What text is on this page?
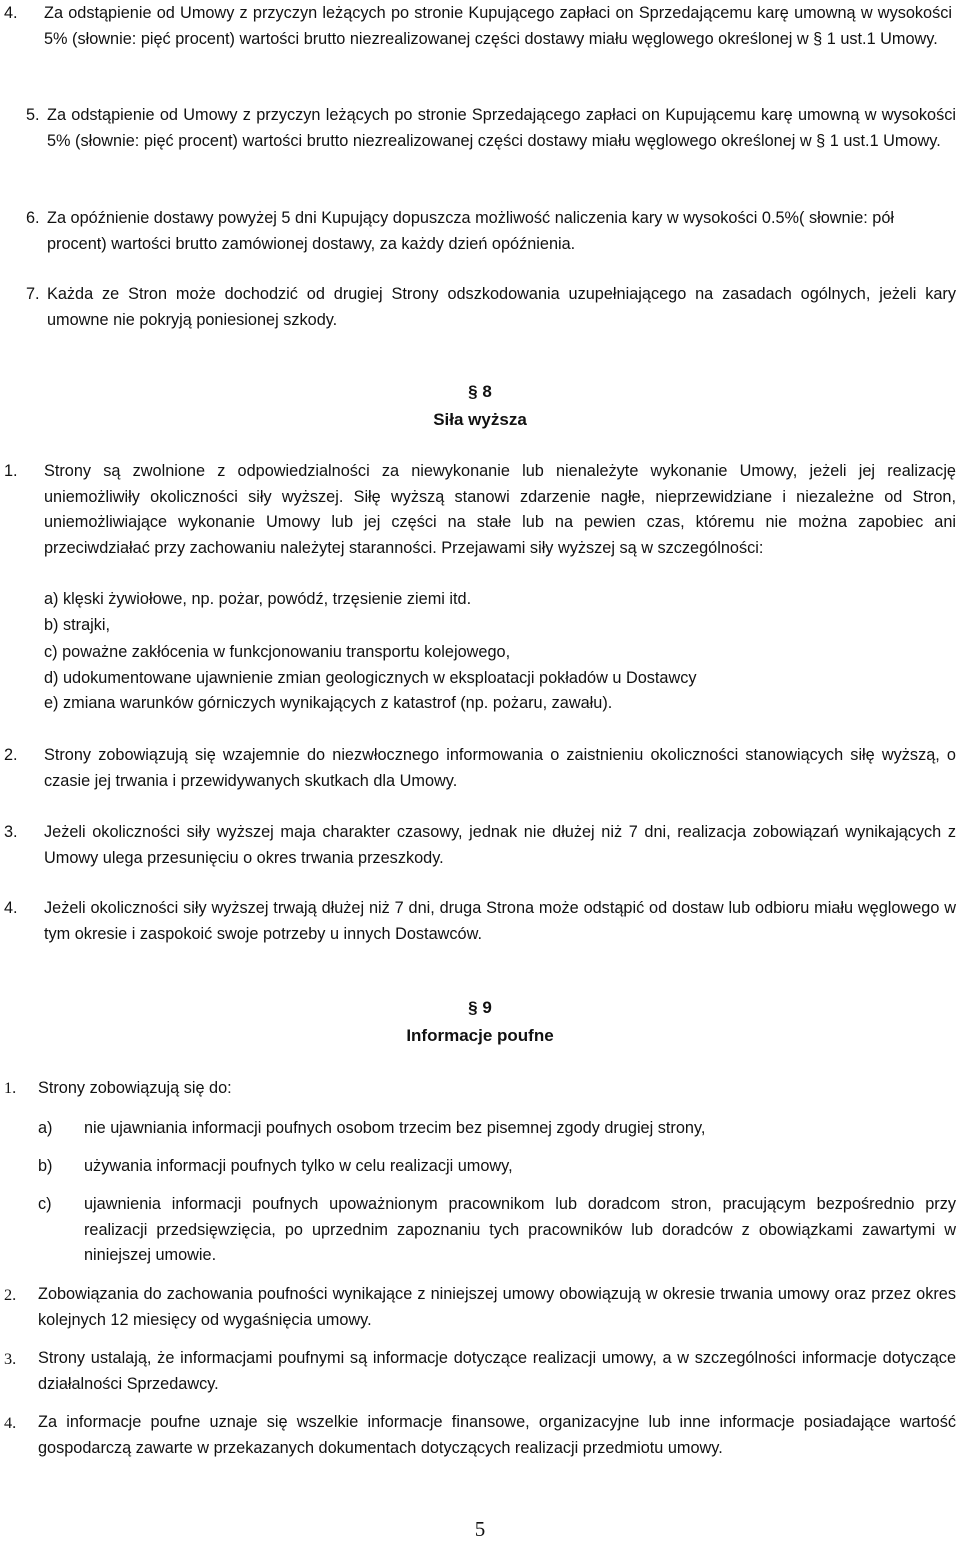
4. Za odstąpienie od Umowy z przyczyn leżących po stronie Kupującego zapłaci on Sprzedającemu karę umowną w wysokości 5% (słownie: pięć procent) wartości brutto niezrealizowanej części dostawy miału węglowego określonej w § 1 ust.1 Umowy.
5. Za odstąpienie od Umowy z przyczyn leżących po stronie Sprzedającego zapłaci on Kupującemu karę umowną w wysokości 5% (słownie: pięć procent) wartości brutto niezrealizowanej części dostawy miału węglowego określonej w § 1 ust.1 Umowy.
6. Za opóźnienie dostawy powyżej 5 dni Kupujący dopuszcza możliwość naliczenia kary w wysokości 0.5%( słownie: pół procent) wartości brutto zamówionej dostawy, za każdy dzień opóźnienia.
7. Każda ze Stron może dochodzić od drugiej Strony odszkodowania uzupełniającego na zasadach ogólnych, jeżeli kary umowne nie pokryją poniesionej szkody.
§ 8
Siła wyższa
1. Strony są zwolnione z odpowiedzialności za niewykonanie lub nienależyte wykonanie Umowy, jeżeli jej realizację uniemożliwiły okoliczności siły wyższej. Siłę wyższą stanowi zdarzenie nagłe, nieprzewidziane i niezależne od Stron, uniemożliwiające wykonanie Umowy lub jej części na stałe lub na pewien czas, któremu nie można zapobiec ani przeciwdziałać przy zachowaniu należytej staranności. Przejawami siły wyższej są w szczególności:
a) klęski żywiołowe, np. pożar, powódź, trzęsienie ziemi itd.
b) strajki,
c) poważne zakłócenia w funkcjonowaniu transportu kolejowego,
d) udokumentowane ujawnienie zmian geologicznych w eksploatacji pokładów u Dostawcy
e) zmiana warunków górniczych wynikających z katastrof (np. pożaru, zawału).
2. Strony zobowiązują się wzajemnie do niezwłocznego informowania o zaistnieniu okoliczności stanowiących siłę wyższą, o czasie jej trwania i przewidywanych skutkach dla Umowy.
3. Jeżeli okoliczności siły wyższej maja charakter czasowy, jednak nie dłużej niż 7 dni, realizacja zobowiązań wynikających z Umowy ulega przesunięciu o okres trwania przeszkody.
4. Jeżeli okoliczności siły wyższej trwają dłużej niż 7 dni, druga Strona może odstąpić od dostaw lub odbioru miału węglowego w tym okresie i zaspokoić swoje potrzeby u innych Dostawców.
§ 9
Informacje poufne
1. Strony zobowiązują się do:
a) nie ujawniania informacji poufnych osobom trzecim bez pisemnej zgody drugiej strony,
b) używania informacji poufnych tylko w celu realizacji umowy,
c) ujawnienia informacji poufnych upoważnionym pracownikom lub doradcom stron, pracującym bezpośrednio przy realizacji przedsięwzięcia, po uprzednim zapoznaniu tych pracowników lub doradców z obowiązkami zawartymi w niniejszej umowie.
2. Zobowiązania do zachowania poufności wynikające z niniejszej umowy obowiązują w okresie trwania umowy oraz przez okres kolejnych 12 miesięcy od wygaśnięcia umowy.
3. Strony ustalają, że informacjami poufnymi są informacje dotyczące realizacji umowy, a w szczególności informacje dotyczące działalności Sprzedawcy.
4. Za informacje poufne uznaje się wszelkie informacje finansowe, organizacyjne lub inne informacje posiadające wartość gospodarczą zawarte w przekazanych dokumentach dotyczących realizacji przedmiotu umowy.
5
